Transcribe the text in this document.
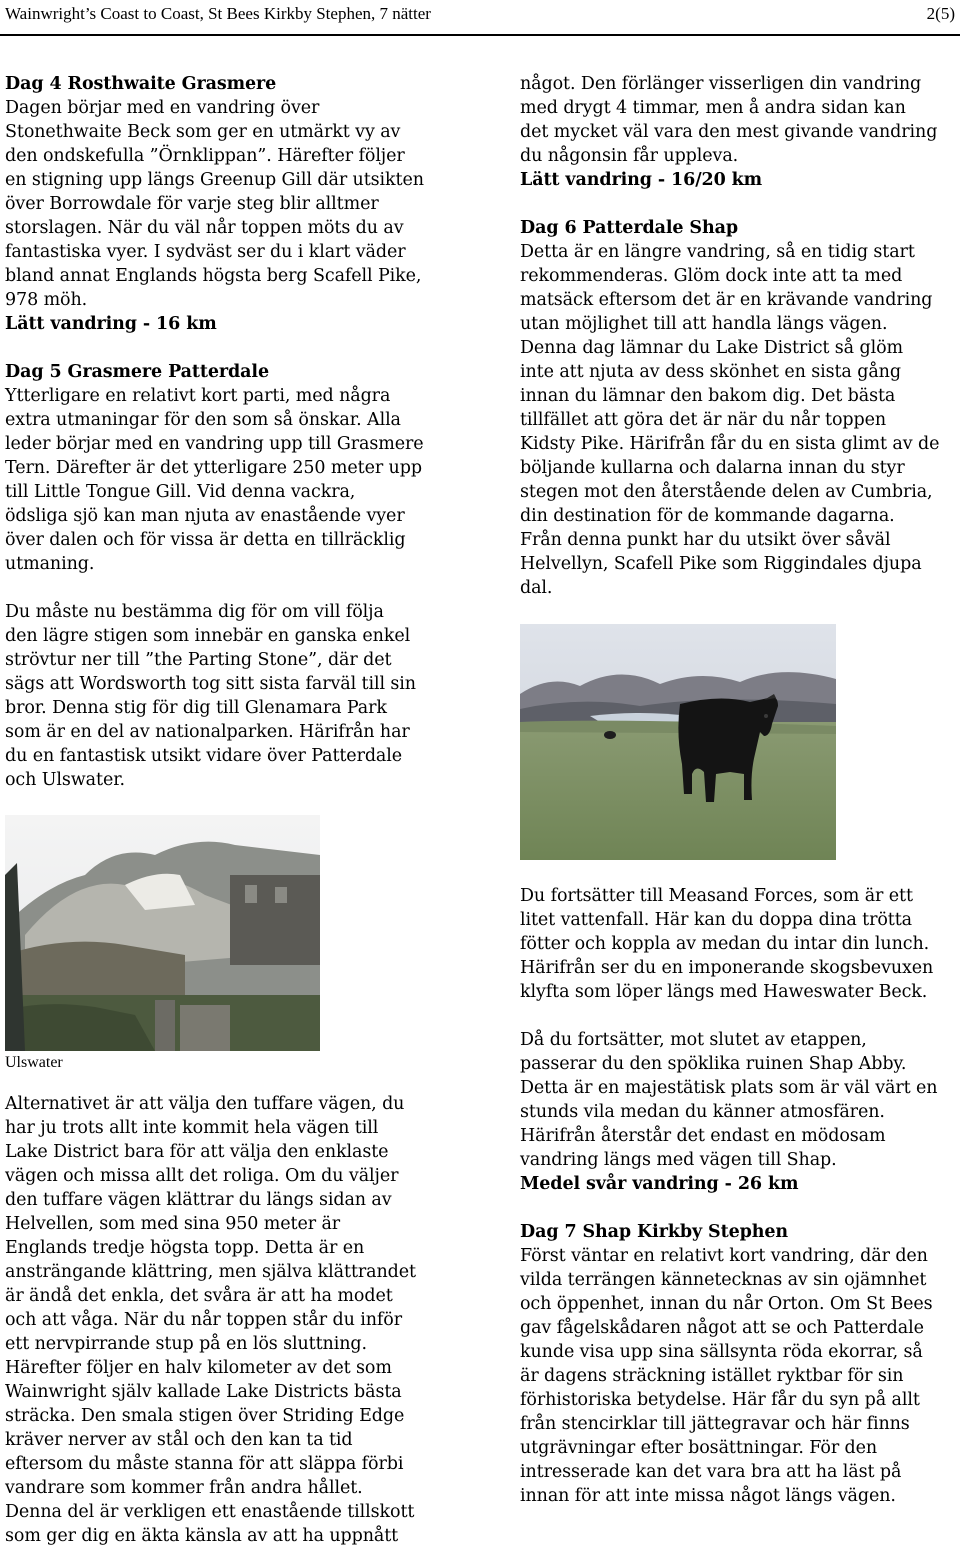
Wainwright’s Coast to Coast, St Bees Kirkby Stephen, 7 nätter	2(5)

Dag 4 Rosthwaite Grasmere

Dagen börjar med en vandring över

Stonethwaite Beck som ger en utmärkt vy av

den ondskefulla ”Örnklippan”. Härefter följer

en stigning upp längs Greenup Gill där utsikten

över Borrowdale för varje steg blir alltmer

storslagen. När du väl når toppen möts du av

fantastiska vyer. I sydväst ser du i klart väder

bland annat Englands högsta berg Scafell Pike,

978 möh.

Lätt vandring - 16 km

Dag 5 Grasmere Patterdale

Ytterligare en relativt kort parti, med några

extra utmaningar för den som så önskar. Alla

leder börjar med en vandring upp till Grasmere

Tern. Därefter är det ytterligare 250 meter upp

till Little Tongue Gill. Vid denna vackra,

ödsliga sjö kan man njuta av enastående vyer

över dalen och för vissa är detta en tillräcklig

utmaning.

Du måste nu bestämma dig för om vill följa

den lägre stigen som innebär en ganska enkel

strövtur ner till ”the Parting Stone”, där det

sägs att Wordsworth tog sitt sista farväl till sin

bror. Denna stig för dig till Glenamara Park

som är en del av nationalparken. Härifrån har

du en fantastisk utsikt vidare över Patterdale

och Ulswater.

Ulswater

Alternativet är att välja den tuffare vägen, du

har ju trots allt inte kommit hela vägen till

Lake District bara för att välja den enklaste

vägen och missa allt det roliga. Om du väljer

den tuffare vägen klättrar du längs sidan av

Helvellen, som med sina 950 meter är

Englands tredje högsta topp. Detta är en

ansträngande klättring, men själva klättrandet

är ändå det enkla, det svåra är att ha modet

och att våga. När du når toppen står du inför

ett nervpirrande stup på en lös sluttning.

Härefter följer en halv kilometer av det som

Wainwright själv kallade Lake Districts bästa

sträcka. Den smala stigen över Striding Edge

kräver nerver av stål och den kan ta tid

eftersom du måste stanna för att släppa förbi

vandrare som kommer från andra hållet.

Denna del är verkligen ett enastående tillskott

som ger dig en äkta känsla av att ha uppnått

något. Den förlänger visserligen din vandring

med drygt 4 timmar, men å andra sidan kan

det mycket väl vara den mest givande vandring

du någonsin får uppleva.

Lätt vandring - 16/20 km

Dag 6 Patterdale Shap

Detta är en längre vandring, så en tidig start

rekommenderas. Glöm dock inte att ta med

matsäck eftersom det är en krävande vandring

utan möjlighet till att handla längs vägen.

Denna dag lämnar du Lake District så glöm

inte att njuta av dess skönhet en sista gång

innan du lämnar den bakom dig. Det bästa

tillfället att göra det är när du når toppen

Kidsty Pike. Härifrån får du en sista glimt av de

böljande kullarna och dalarna innan du styr

stegen mot den återstående delen av Cumbria,

din destination för de kommande dagarna.

Från denna punkt har du utsikt över såväl

Helvellyn, Scafell Pike som Riggindales djupa

dal.

Du fortsätter till Measand Forces, som är ett

litet vattenfall. Här kan du doppa dina trötta

fötter och koppla av medan du intar din lunch.

Härifrån ser du en imponerande skogsbevuxen

klyfta som löper längs med Haweswater Beck.

Då du fortsätter, mot slutet av etappen,

passerar du den spöklika ruinen Shap Abby.

Detta är en majestätisk plats som är väl värt en

stunds vila medan du känner atmosfären.

Härifrån återstår det endast en mödosam

vandring längs med vägen till Shap.

Medel svår vandring - 26 km

Dag 7 Shap Kirkby Stephen

Först väntar en relativt kort vandring, där den

vilda terrängen kännetecknas av sin ojämnhet

och öppenhet, innan du når Orton. Om St Bees

gav fågelskådaren något att se och Patterdale

kunde visa upp sina sällsynta röda ekorrar, så

är dagens sträckning istället ryktbar för sin

förhistoriska betydelse. Här får du syn på allt

från stencirklar till jättegravar och här finns

utgrävningar efter bosättningar. För den

intresserade kan det vara bra att ha läst på

innan för att inte missa något längs vägen.
